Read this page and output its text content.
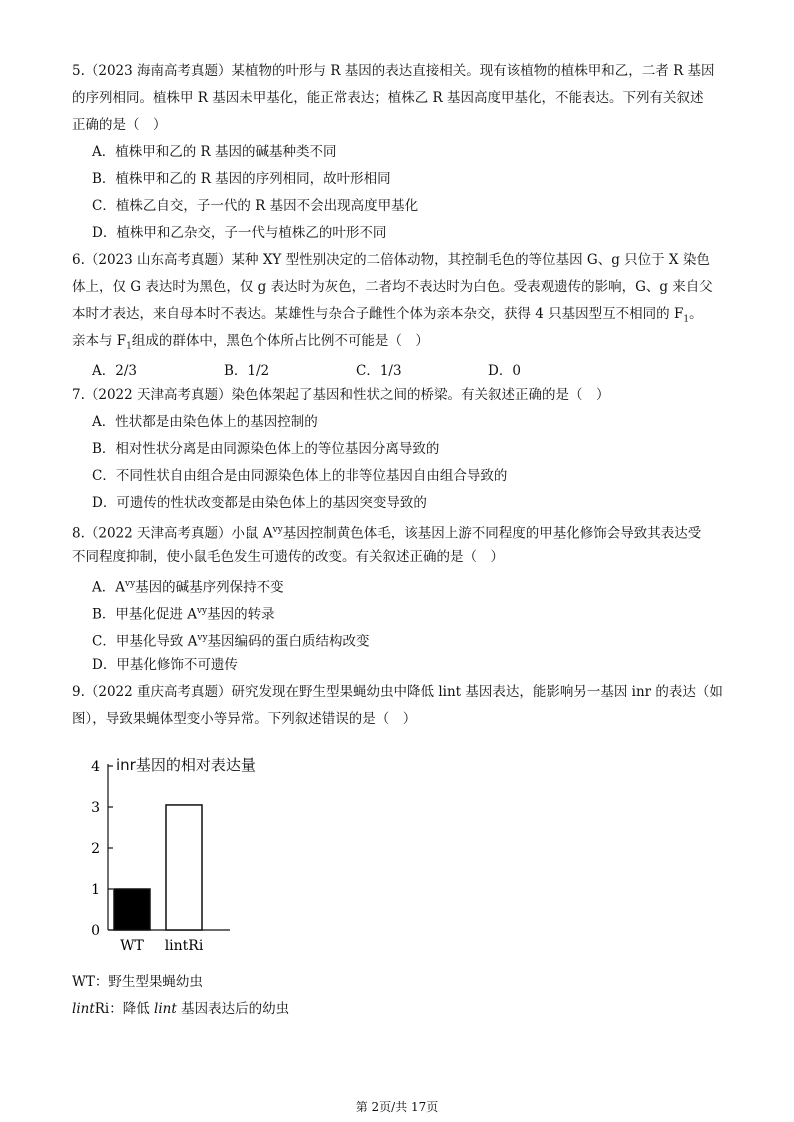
5.（2023 海南高考真题）某植物的叶形与 R 基因的表达直接相关。现有该植物的植株甲和乙，二者 R 基因
的序列相同。植株甲 R 基因未甲基化，能正常表达；植株乙 R 基因高度甲基化，不能表达。下列有关叙述
正确的是（　）
A．植株甲和乙的 R 基因的碱基种类不同
B．植株甲和乙的 R 基因的序列相同，故叶形相同
C．植株乙自交，子一代的 R 基因不会出现高度甲基化
D．植株甲和乙杂交，子一代与植株乙的叶形不同
6.（2023 山东高考真题）某种 XY 型性别决定的二倍体动物，其控制毛色的等位基因 G、g 只位于 X 染色
体上，仅 G 表达时为黑色，仅 g 表达时为灰色，二者均不表达时为白色。受表观遗传的影响，G、g 来自父
本时才表达，来自母本时不表达。某雄性与杂合子雌性个体为亲本杂交，获得 4 只基因型互不相同的 $F_1$。
亲本与 $F_1$组成的群体中，黑色个体所占比例不可能是（　）
A．2/3	B．1/2	C．1/3	D．0
7.（2022 天津高考真题）染色体架起了基因和性状之间的桥梁。有关叙述正确的是（　）
A．性状都是由染色体上的基因控制的
B．相对性状分离是由同源染色体上的等位基因分离导致的
C．不同性状自由组合是由同源染色体上的非等位基因自由组合导致的
D．可遗传的性状改变都是由染色体上的基因突变导致的
8.（2022 天津高考真题）小鼠 $A^{vy}$基因控制黄色体毛，该基因上游不同程度的甲基化修饰会导致其表达受
不同程度抑制，使小鼠毛色发生可遗传的改变。有关叙述正确的是（　）
A．$A^{vy}$基因的碱基序列保持不变
B．甲基化促进 $A^{vy}$基因的转录
C．甲基化导致 $A^{vy}$基因编码的蛋白质结构改变
D．甲基化修饰不可遗传
9.（2022 重庆高考真题）研究发现在野生型果蝇幼虫中降低 lint 基因表达，能影响另一基因 inr 的表达（如
图），导致果蝇体型变小等异常。下列叙述错误的是（　）
inr基因的相对表达量
0
1
2
3
4
WT lintRi
WT：野生型果蝇幼虫
lintRi：降低 lint 基因表达后的幼虫
第 2页/共 17页
